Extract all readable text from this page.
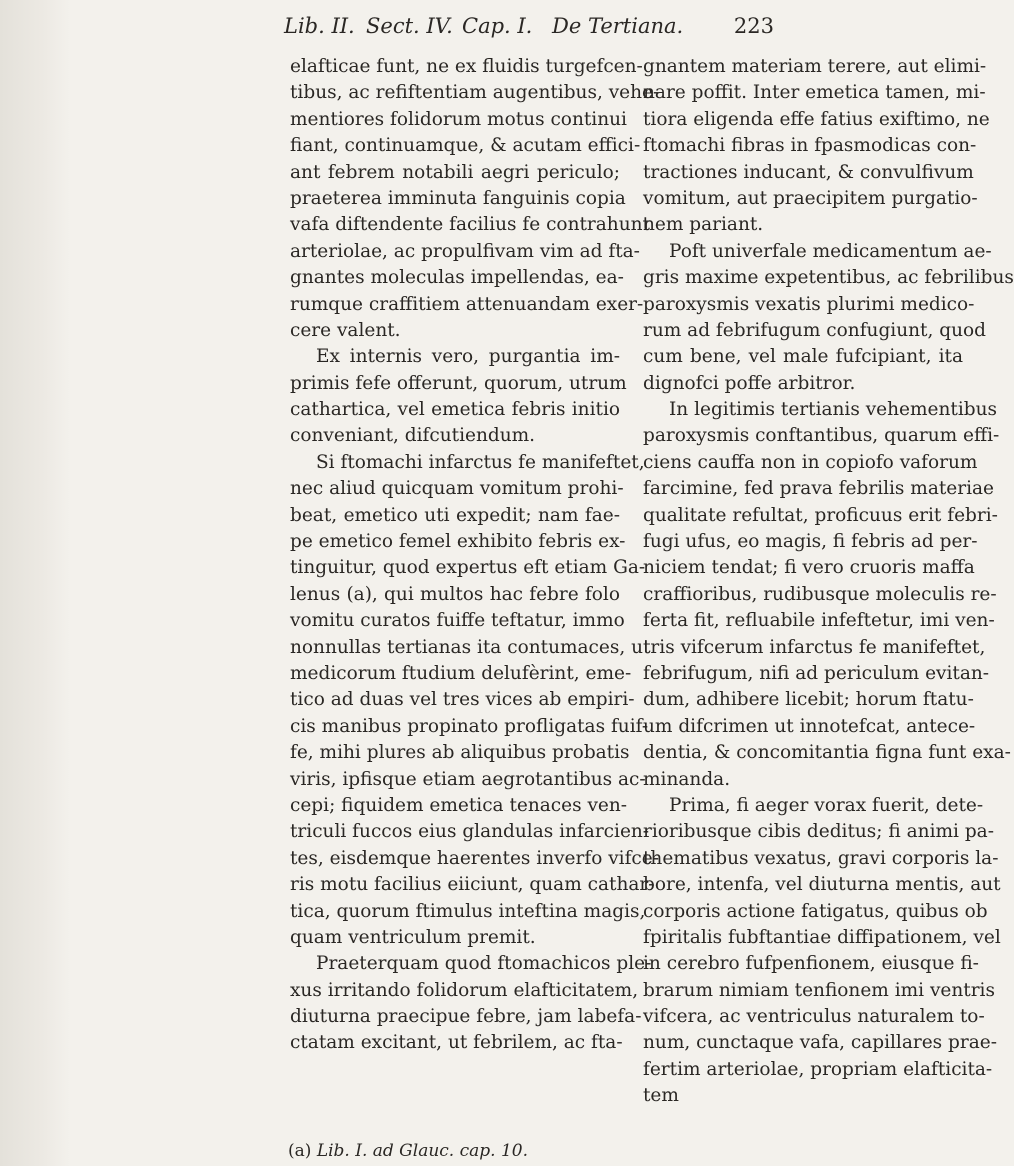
Lib. II. Sect. IV. Cap. I. De Tertiana. 223
elafticae funt, ne ex fluidis turgefcen-
tibus, ac refiftentiam augentibus, vehe-
mentiores folidorum motus continui
fiant, continuamque, & acutam effici-
ant febrem notabili aegri periculo;
praeterea imminuta fanguinis copia
vafa diftendente facilius fe contrahunt
arteriolae, ac propulfivam vim ad fta-
gnantes moleculas impellendas, ea-
rumque craffitiem attenuandam exer-
cere valent.
Ex internis vero, purgantia im-
primis fefe offerunt, quorum, utrum
cathartica, vel emetica febris initio
conveniant, difcutiendum.
Si ftomachi infarctus fe manifeftet,
nec aliud quicquam vomitum prohi-
beat, emetico uti expedit; nam fae-
pe emetico femel exhibito febris ex-
tinguitur, quod expertus eft etiam Ga-
lenus (a), qui multos hac febre folo
vomitu curatos fuiffe teftatur, immo
nonnullas tertianas ita contumaces, ut
medicorum ftudium delufèrint, eme-
tico ad duas vel tres vices ab empiri-
cis manibus propinato profligatas fuif-
fe, mihi plures ab aliquibus probatis
viris, ipfisque etiam aegrotantibus ac-
cepi; fiquidem emetica tenaces ven-
triculi fuccos eius glandulas infarcien-
tes, eisdemque haerentes inverfo vifce-
ris motu facilius eiiciunt, quam cathar-
tica, quorum ftimulus inteftina magis,
quam ventriculum premit.
Praeterquam quod ftomachicos ple-
xus irritando folidorum elafticitatem,
diuturna praecipue febre, jam labefa-
ctatam excitant, ut febrilem, ac fta-
gnantem materiam terere, aut elimi-
nare poffit. Inter emetica tamen, mi-
tiora eligenda effe fatius exiftimo, ne
ftomachi fibras in fpasmodicas con-
tractiones inducant, & convulfivum
vomitum, aut praecipitem purgatio-
nem pariant.
Poft univerfale medicamentum ae-
gris maxime expetentibus, ac febrilibus
paroxysmis vexatis plurimi medico-
rum ad febrifugum confugiunt, quod
cum bene, vel male fufcipiant, ita
dignofci poffe arbitror.
In legitimis tertianis vehementibus
paroxysmis conftantibus, quarum effi-
ciens cauffa non in copiofo vaforum
farcimine, fed prava febrilis materiae
qualitate refultat, proficuus erit febri-
fugi ufus, eo magis, fi febris ad per-
niciem tendat; fi vero cruoris maffa
craffioribus, rudibusque moleculis re-
ferta fit, refluabile infeftetur, imi ven-
tris vifcerum infarctus fe manifeftet,
febrifugum, nifi ad periculum evitan-
dum, adhibere licebit; horum ftatu-
um difcrimen ut innotefcat, antece-
dentia, & concomitantia figna funt exa-
minanda.
Prima, fi aeger vorax fuerit, dete-
rioribusque cibis deditus; fi animi pa-
thematibus vexatus, gravi corporis la-
bore, intenfa, vel diuturna mentis, aut
corporis actione fatigatus, quibus ob
fpiritalis fubftantiae diffipationem, vel
in cerebro fufpenfionem, eiusque fi-
brarum nimiam tenfionem imi ventris
vifcera, ac ventriculus naturalem to-
num, cunctaque vafa, capillares prae-
fertim arteriolae, propriam elafticita-
tem
(a) Lib. I. ad Glauc. cap. 10.
